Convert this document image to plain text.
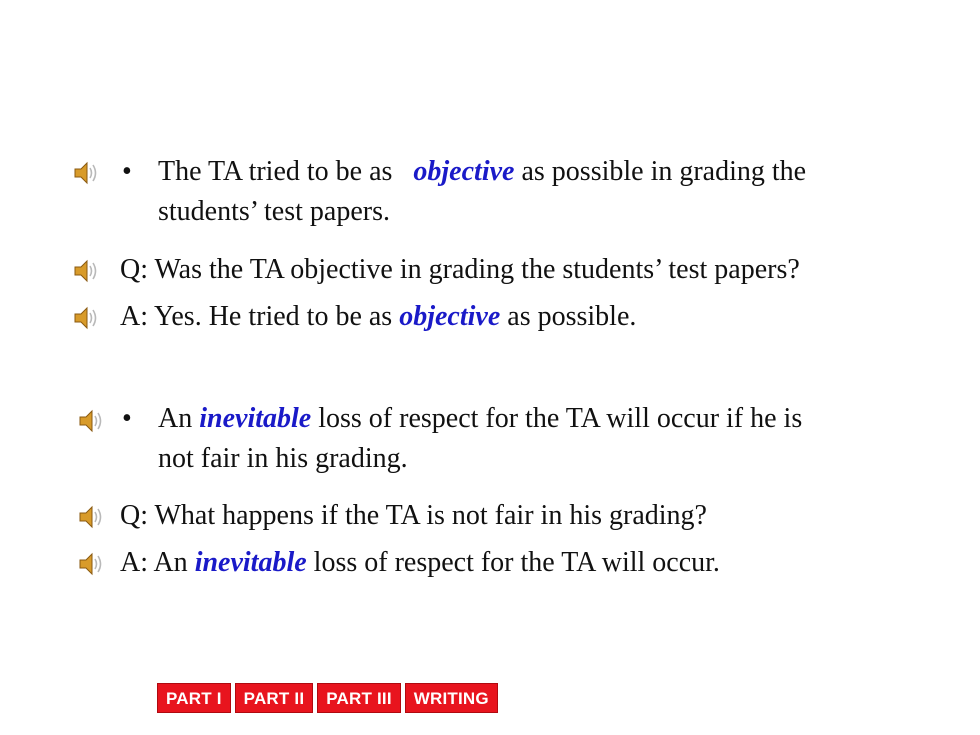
• The TA tried to be as objective as possible in grading the
students’ test papers.
Q: Was the TA objective in grading the students’ test papers?
A: Yes. He tried to be as objective as possible.
• An inevitable loss of respect for the TA will occur if he is
not fair in his grading.
Q: What happens if the TA is not fair in his grading?
A: An inevitable loss of respect for the TA will occur.
PART I	PART II	PART III	WRITING
